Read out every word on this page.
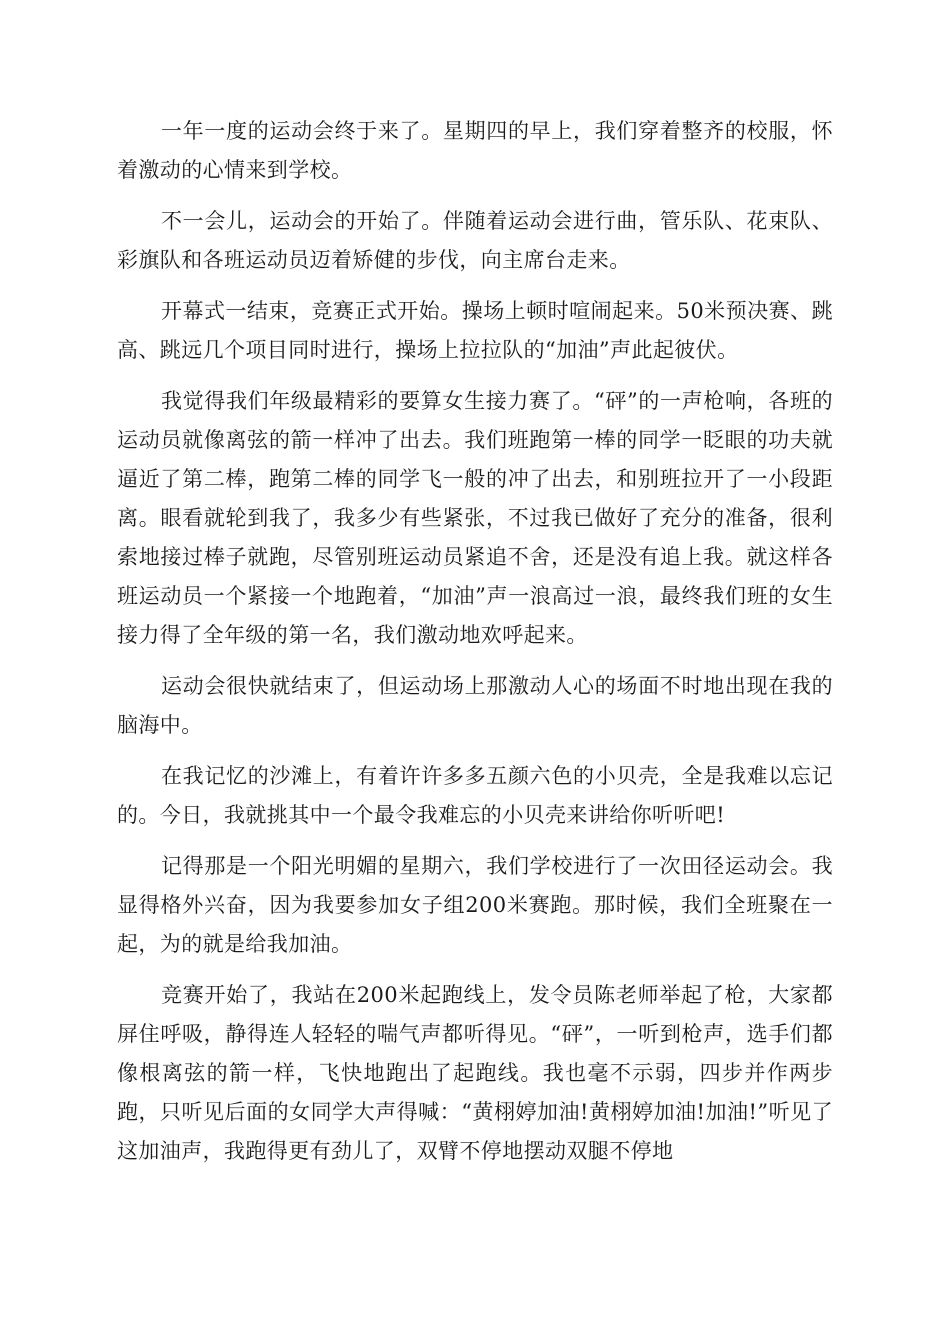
一年一度的运动会终于来了。星期四的早上，我们穿着整齐的校服，怀着激动的心情来到学校。

不一会儿，运动会的开始了。伴随着运动会进行曲，管乐队、花束队、彩旗队和各班运动员迈着矫健的步伐，向主席台走来。

开幕式一结束，竞赛正式开始。操场上顿时喧闹起来。50米预决赛、跳高、跳远几个项目同时进行，操场上拉拉队的“加油”声此起彼伏。

我觉得我们年级最精彩的要算女生接力赛了。“砰”的一声枪响，各班的运动员就像离弦的箭一样冲了出去。我们班跑第一棒的同学一眨眼的功夫就逼近了第二棒，跑第二棒的同学飞一般的冲了出去，和别班拉开了一小段距离。眼看就轮到我了，我多少有些紧张，不过我已做好了充分的准备，很利索地接过棒子就跑，尽管别班运动员紧追不舍，还是没有追上我。就这样各班运动员一个紧接一个地跑着，“加油”声一浪高过一浪，最终我们班的女生接力得了全年级的第一名，我们激动地欢呼起来。

运动会很快就结束了，但运动场上那激动人心的场面不时地出现在我的脑海中。

在我记忆的沙滩上，有着许许多多五颜六色的小贝壳，全是我难以忘记的。今日，我就挑其中一个最令我难忘的小贝壳来讲给你听听吧!

记得那是一个阳光明媚的星期六，我们学校进行了一次田径运动会。我显得格外兴奋，因为我要参加女子组200米赛跑。那时候，我们全班聚在一起，为的就是给我加油。

竞赛开始了，我站在200米起跑线上，发令员陈老师举起了枪，大家都屏住呼吸，静得连人轻轻的喘气声都听得见。“砰”，一听到枪声，选手们都像根离弦的箭一样，飞快地跑出了起跑线。我也毫不示弱，四步并作两步跑，只听见后面的女同学大声得喊：“黄栩婷加油!黄栩婷加油!加油!”听见了这加油声，我跑得更有劲儿了，双臂不停地摆动双腿不停地
